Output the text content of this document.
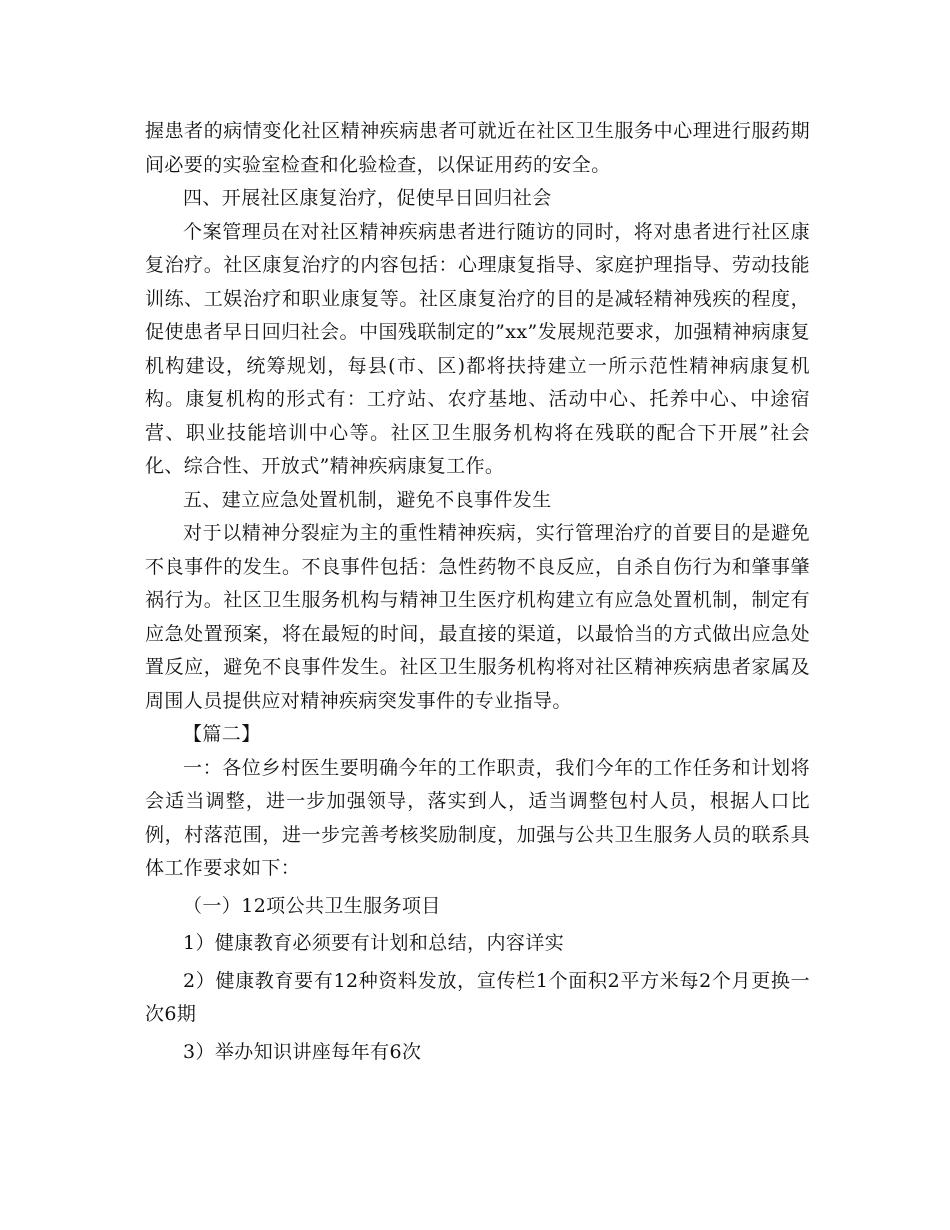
握患者的病情变化社区精神疾病患者可就近在社区卫生服务中心理进行服药期间必要的实验室检查和化验检查，以保证用药的安全。

四、开展社区康复治疗，促使早日回归社会

个案管理员在对社区精神疾病患者进行随访的同时，将对患者进行社区康复治疗。社区康复治疗的内容包括：心理康复指导、家庭护理指导、劳动技能训练、工娱治疗和职业康复等。社区康复治疗的目的是减轻精神残疾的程度，促使患者早日回归社会。中国残联制定的”xx”发展规范要求，加强精神病康复机构建设，统筹规划，每县(市、区)都将扶持建立一所示范性精神病康复机构。康复机构的形式有：工疗站、农疗基地、活动中心、托养中心、中途宿营、职业技能培训中心等。社区卫生服务机构将在残联的配合下开展”社会化、综合性、开放式”精神疾病康复工作。

五、建立应急处置机制，避免不良事件发生

对于以精神分裂症为主的重性精神疾病，实行管理治疗的首要目的是避免不良事件的发生。不良事件包括：急性药物不良反应，自杀自伤行为和肇事肇祸行为。社区卫生服务机构与精神卫生医疗机构建立有应急处置机制，制定有应急处置预案，将在最短的时间，最直接的渠道，以最恰当的方式做出应急处置反应，避免不良事件发生。社区卫生服务机构将对社区精神疾病患者家属及周围人员提供应对精神疾病突发事件的专业指导。

【篇二】

一：各位乡村医生要明确今年的工作职责，我们今年的工作任务和计划将会适当调整，进一步加强领导，落实到人，适当调整包村人员，根据人口比例，村落范围，进一步完善考核奖励制度，加强与公共卫生服务人员的联系具体工作要求如下：

（一）12项公共卫生服务项目

1）健康教育必须要有计划和总结，内容详实

2）健康教育要有12种资料发放，宣传栏1个面积2平方米每2个月更换一次6期

3）举办知识讲座每年有6次
